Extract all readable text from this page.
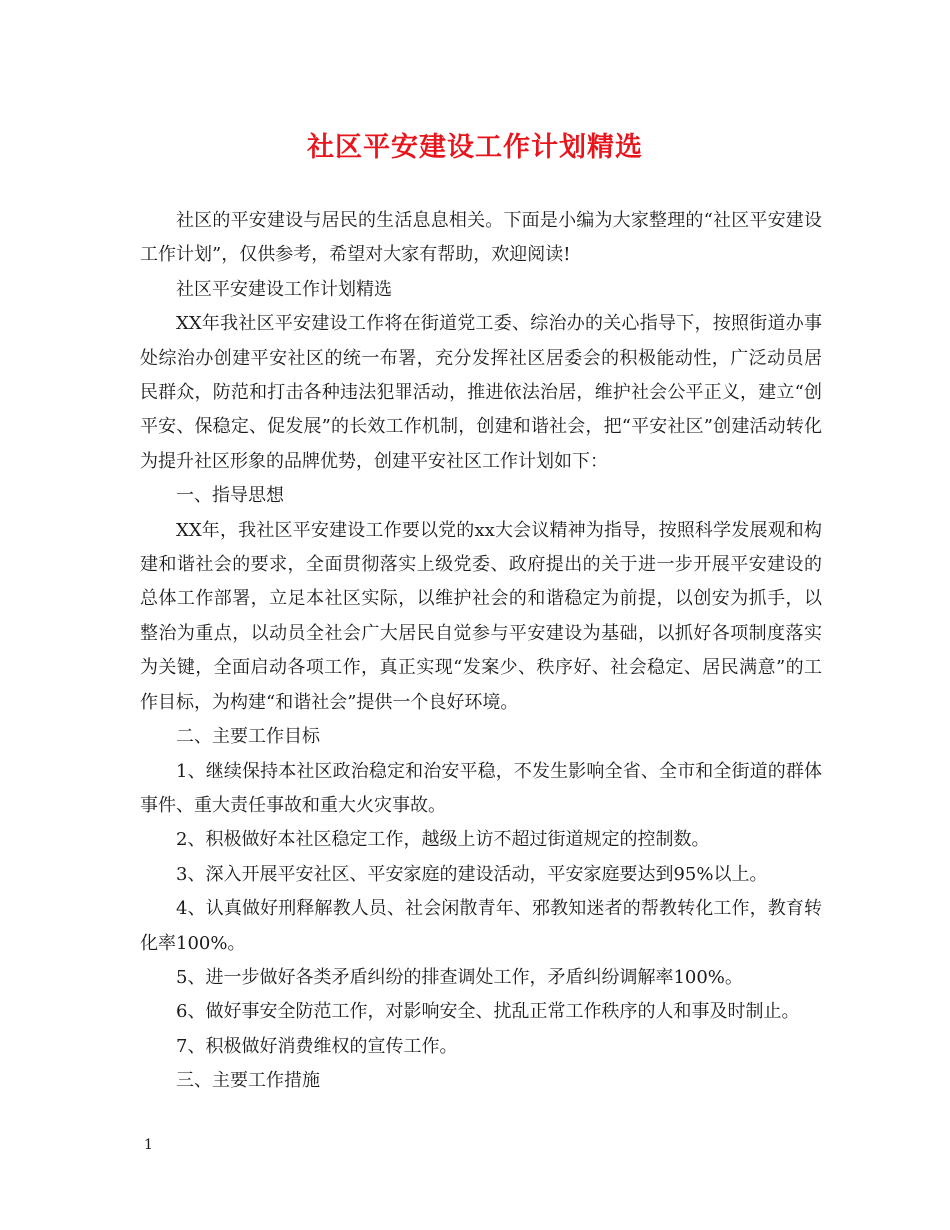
社区平安建设工作计划精选

社区的平安建设与居民的生活息息相关。下面是小编为大家整理的“社区平安建设工作计划”，仅供参考，希望对大家有帮助，欢迎阅读!

社区平安建设工作计划精选

XX年我社区平安建设工作将在街道党工委、综治办的关心指导下，按照街道办事处综治办创建平安社区的统一布署，充分发挥社区居委会的积极能动性，广泛动员居民群众，防范和打击各种违法犯罪活动，推进依法治居，维护社会公平正义，建立“创平安、保稳定、促发展”的长效工作机制，创建和谐社会，把“平安社区”创建活动转化为提升社区形象的品牌优势，创建平安社区工作计划如下：

一、指导思想

XX年，我社区平安建设工作要以党的xx大会议精神为指导，按照科学发展观和构建和谐社会的要求，全面贯彻落实上级党委、政府提出的关于进一步开展平安建设的总体工作部署，立足本社区实际，以维护社会的和谐稳定为前提，以创安为抓手，以整治为重点，以动员全社会广大居民自觉参与平安建设为基础，以抓好各项制度落实为关键，全面启动各项工作，真正实现“发案少、秩序好、社会稳定、居民满意”的工作目标，为构建“和谐社会”提供一个良好环境。

二、主要工作目标

1、继续保持本社区政治稳定和治安平稳，不发生影响全省、全市和全街道的群体事件、重大责任事故和重大火灾事故。

2、积极做好本社区稳定工作，越级上访不超过街道规定的控制数。

3、深入开展平安社区、平安家庭的建设活动，平安家庭要达到95%以上。

4、认真做好刑释解教人员、社会闲散青年、邪教知迷者的帮教转化工作，教育转化率100%。

5、进一步做好各类矛盾纠纷的排查调处工作，矛盾纠纷调解率100%。

6、做好事安全防范工作，对影响安全、扰乱正常工作秩序的人和事及时制止。

7、积极做好消费维权的宣传工作。

三、主要工作措施

1
